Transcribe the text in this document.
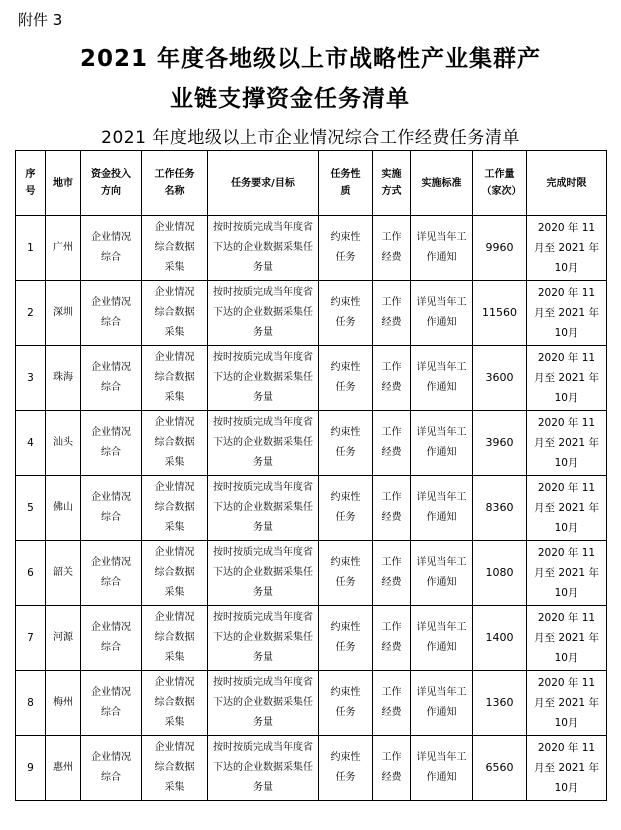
附件 3
2021 年度各地级以上市战略性产业集群产
业链支撑资金任务清单
2021 年度地级以上市企业情况综合工作经费任务清单
序号	地市	资金投入方向	工作任务名称	任务要求/目标	任务性质	实施方式	实施标准	工作量（家次）	完成时限
1	广州	企业情况综合	企业情况综合数据采集	按时按质完成当年度省下达的企业数据采集任务量	约束性任务	工作经费	详见当年工作通知	9960	2020 年 11 月至 2021 年 10月

2	深圳	企业情况综合	企业情况综合数据采集	按时按质完成当年度省下达的企业数据采集任务量	约束性任务	工作经费	详见当年工作通知	11560	2020 年 11 月至 2021 年 10月

3	珠海	企业情况综合	企业情况综合数据采集	按时按质完成当年度省下达的企业数据采集任务量	约束性任务	工作经费	详见当年工作通知	3600	2020 年 11 月至 2021 年 10月

4	汕头	企业情况综合	企业情况综合数据采集	按时按质完成当年度省下达的企业数据采集任务量	约束性任务	工作经费	详见当年工作通知	3960	2020 年 11 月至 2021 年 10月

5	佛山	企业情况综合	企业情况综合数据采集	按时按质完成当年度省下达的企业数据采集任务量	约束性任务	工作经费	详见当年工作通知	8360	2020 年 11 月至 2021 年 10月

6	韶关	企业情况综合	企业情况综合数据采集	按时按质完成当年度省下达的企业数据采集任务量	约束性任务	工作经费	详见当年工作通知	1080	2020 年 11 月至 2021 年 10月

7	河源	企业情况综合	企业情况综合数据采集	按时按质完成当年度省下达的企业数据采集任务量	约束性任务	工作经费	详见当年工作通知	1400	2020 年 11 月至 2021 年 10月

8	梅州	企业情况综合	企业情况综合数据采集	按时按质完成当年度省下达的企业数据采集任务量	约束性任务	工作经费	详见当年工作通知	1360	2020 年 11 月至 2021 年 10月

9	惠州	企业情况综合	企业情况综合数据采集	按时按质完成当年度省下达的企业数据采集任务量	约束性任务	工作经费	详见当年工作通知	6560	2020 年 11 月至 2021 年 10月
